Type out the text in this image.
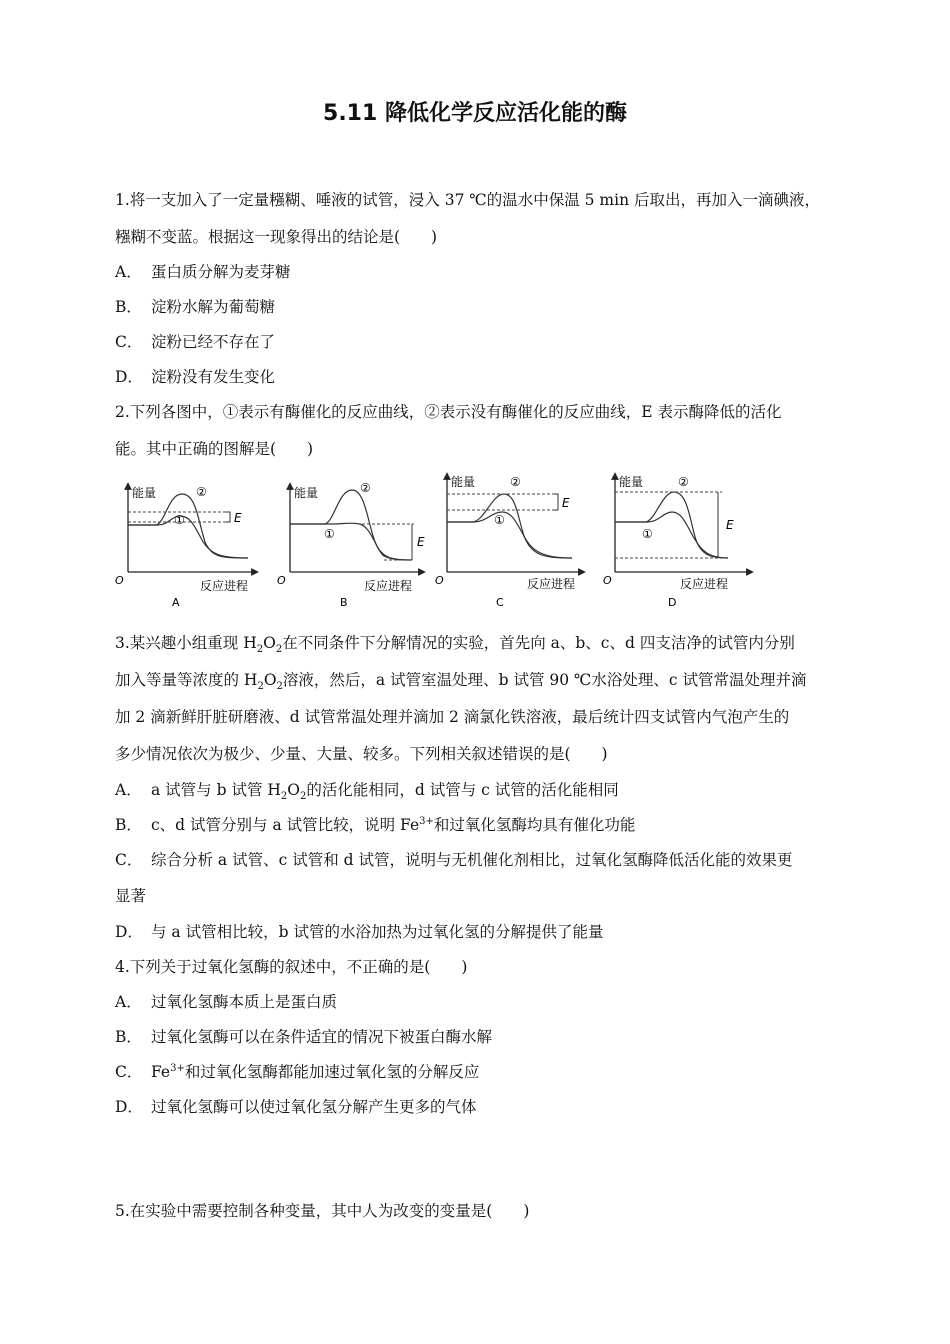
5.11 降低化学反应活化能的酶
1.将一支加入了一定量糨糊、唾液的试管，浸入 37 ℃的温水中保温 5 min 后取出，再加入一滴碘液，
糨糊不变蓝。根据这一现象得出的结论是(　　)
A． 蛋白质分解为麦芽糖
B． 淀粉水解为葡萄糖
C． 淀粉已经不存在了
D． 淀粉没有发生变化
2.下列各图中，①表示有酶催化的反应曲线，②表示没有酶催化的反应曲线，E 表示酶降低的活化
能。其中正确的图解是(　　)
能量
O	反应进程
E
②
①
A
能量
O	反应进程
E
②
①
B
能量
O	反应进程
E
②
①
C
能量
O	反应进程
E
②
①
D
3.某兴趣小组重现 $H_2O_2$在不同条件下分解情况的实验，首先向 a、b、c、d 四支洁净的试管内分别
加入等量等浓度的 $H_2O_2$溶液，然后，a 试管室温处理、b 试管 90 ℃水浴处理、c 试管常温处理并滴
加 2 滴新鲜肝脏研磨液、d 试管常温处理并滴加 2 滴氯化铁溶液，最后统计四支试管内气泡产生的
多少情况依次为极少、少量、大量、较多。下列相关叙述错误的是(　　)
A． a 试管与 b 试管 $H_2O_2$的活化能相同，d 试管与 c 试管的活化能相同
B． c、d 试管分别与 a 试管比较，说明 $Fe^{3+}$和过氧化氢酶均具有催化功能
C． 综合分析 a 试管、c 试管和 d 试管，说明与无机催化剂相比，过氧化氢酶降低活化能的效果更
显著
D． 与 a 试管相比较，b 试管的水浴加热为过氧化氢的分解提供了能量
4.下列关于过氧化氢酶的叙述中，不正确的是(　　)
A． 过氧化氢酶本质上是蛋白质
B． 过氧化氢酶可以在条件适宜的情况下被蛋白酶水解
C． $Fe^{3+}$和过氧化氢酶都能加速过氧化氢的分解反应
D． 过氧化氢酶可以使过氧化氢分解产生更多的气体
5.在实验中需要控制各种变量，其中人为改变的变量是(　　)
